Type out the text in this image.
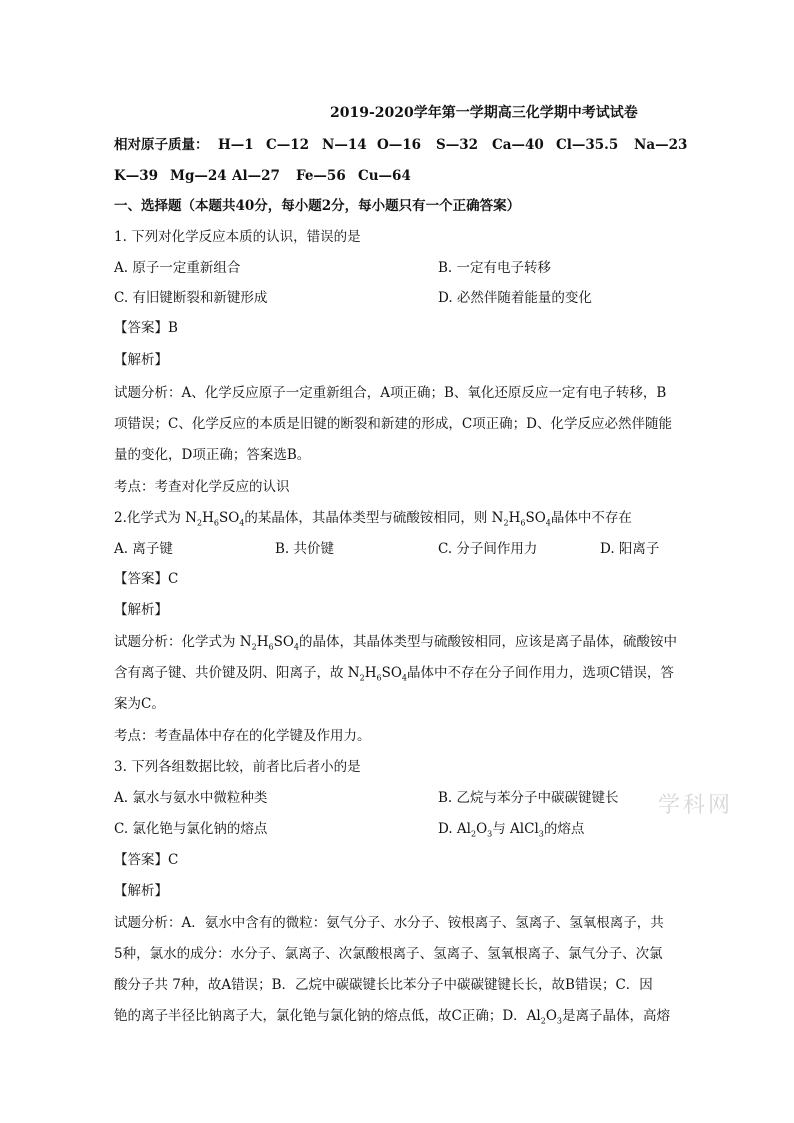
2019-2020学年第一学期高三化学期中考试试卷
相对原子质量： H—1 C—12 N—14 O—16 S—32 Ca—40 Cl—35.5 Na—23
K—39 Mg—24 Al—27 Fe—56 Cu—64
一、选择题（本题共40分，每小题2分，每小题只有一个正确答案）
1. 下列对化学反应本质的认识，错误的是
A. 原子一定重新组合	B. 一定有电子转移
C. 有旧键断裂和新键形成	D. 必然伴随着能量的变化
【答案】B
【解析】
试题分析：A、化学反应原子一定重新组合，A项正确；B、氧化还原反应一定有电子转移，B
项错误；C、化学反应的本质是旧键的断裂和新建的形成，C项正确；D、化学反应必然伴随能
量的变化，D项正确；答案选B。
考点：考查对化学反应的认识
2.化学式为 $N_2H_6SO_4$的某晶体，其晶体类型与硫酸铵相同，则 $N_2H_6SO_4$晶体中不存在
A. 离子键	B. 共价键	C. 分子间作用力	D. 阳离子
【答案】C
【解析】
试题分析：化学式为 $N_2H_6SO_4$的晶体，其晶体类型与硫酸铵相同，应该是离子晶体，硫酸铵中
含有离子键、共价键及阴、阳离子，故 $N_2H_6SO_4$晶体中不存在分子间作用力，选项C错误，答
案为C。
考点：考查晶体中存在的化学键及作用力。
3. 下列各组数据比较，前者比后者小的是
A. 氯水与氨水中微粒种类	B. 乙烷与苯分子中碳碳键键长
C. 氯化铯与氯化钠的熔点	D. $Al_2O_3$与 AlCl$_3$的熔点
【答案】C
【解析】
试题分析：A．氨水中含有的微粒：氨气分子、水分子、铵根离子、氢离子、氢氧根离子，共
5种，氯水的成分：水分子、氯离子、次氯酸根离子、氢离子、氢氧根离子、氯气分子、次氯
酸分子共 7种，故A错误；B．乙烷中碳碳键长比苯分子中碳碳键键长长，故B错误；C．因
铯的离子半径比钠离子大，氯化铯与氯化钠的熔点低，故C正确；D．$Al_2O_3$是离子晶体，高熔
学科网
